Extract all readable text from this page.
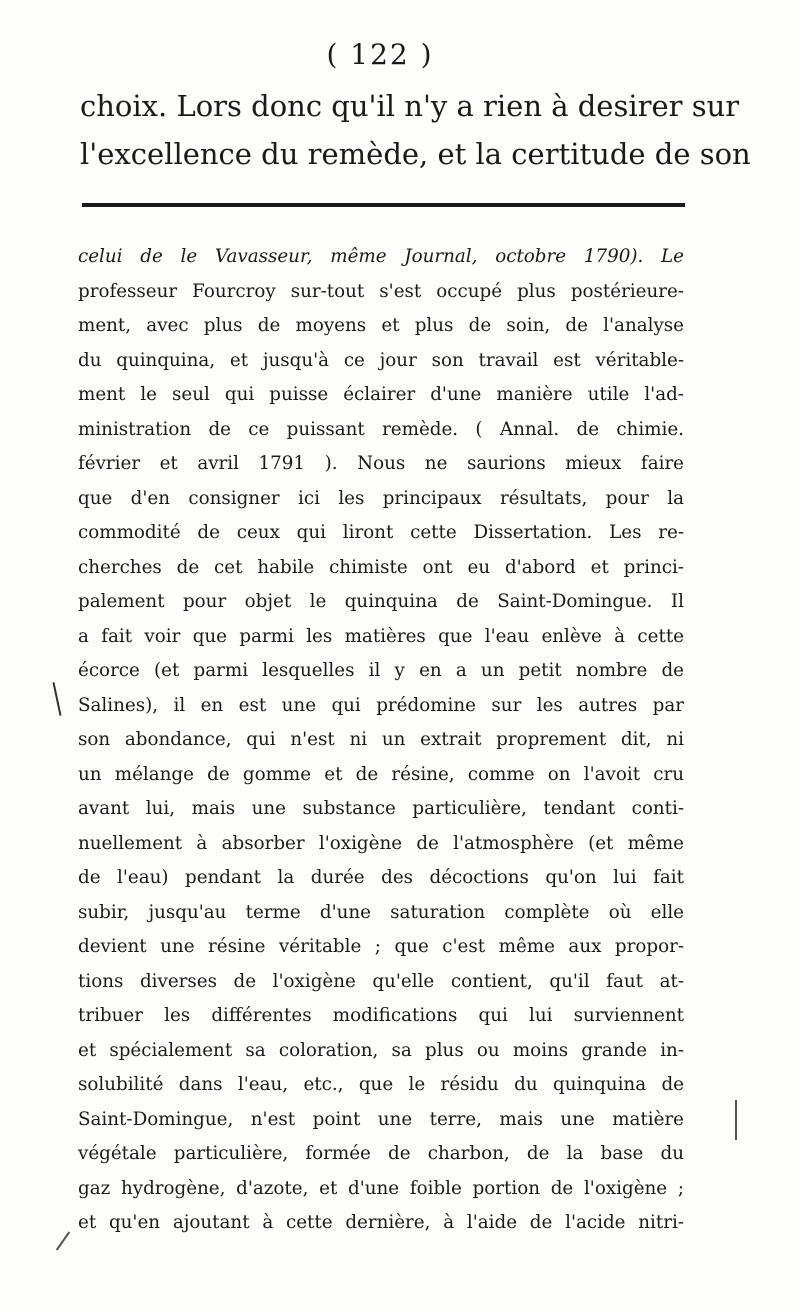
( 122 )
choix. Lors donc qu'il n'y a rien à desirer sur
l'excellence du remède, et la certitude de son
celui de le Vavasseur, même Journal, octobre 1790). Le
professeur Fourcroy sur-tout s'est occupé plus postérieure-
ment, avec plus de moyens et plus de soin, de l'analyse
du quinquina, et jusqu'à ce jour son travail est véritable-
ment le seul qui puisse éclairer d'une manière utile l'ad-
ministration de ce puissant remède. ( Annal. de chimie.
février et avril 1791 ). Nous ne saurions mieux faire
que d'en consigner ici les principaux résultats, pour la
commodité de ceux qui liront cette Dissertation. Les re-
cherches de cet habile chimiste ont eu d'abord et princi-
palement pour objet le quinquina de Saint-Domingue. Il
a fait voir que parmi les matières que l'eau enlève à cette
écorce (et parmi lesquelles il y en a un petit nombre de
Salines), il en est une qui prédomine sur les autres par
son abondance, qui n'est ni un extrait proprement dit, ni
un mélange de gomme et de résine, comme on l'avoit cru
avant lui, mais une substance particulière, tendant conti-
nuellement à absorber l'oxigène de l'atmosphère (et même
de l'eau) pendant la durée des décoctions qu'on lui fait
subir, jusqu'au terme d'une saturation complète où elle
devient une résine véritable ; que c'est même aux propor-
tions diverses de l'oxigène qu'elle contient, qu'il faut at-
tribuer les différentes modifications qui lui surviennent
et spécialement sa coloration, sa plus ou moins grande in-
solubilité dans l'eau, etc., que le résidu du quinquina de
Saint-Domingue, n'est point une terre, mais une matière
végétale particulière, formée de charbon, de la base du
gaz hydrogène, d'azote, et d'une foible portion de l'oxigène ;
et qu'en ajoutant à cette dernière, à l'aide de l'acide nitri-
